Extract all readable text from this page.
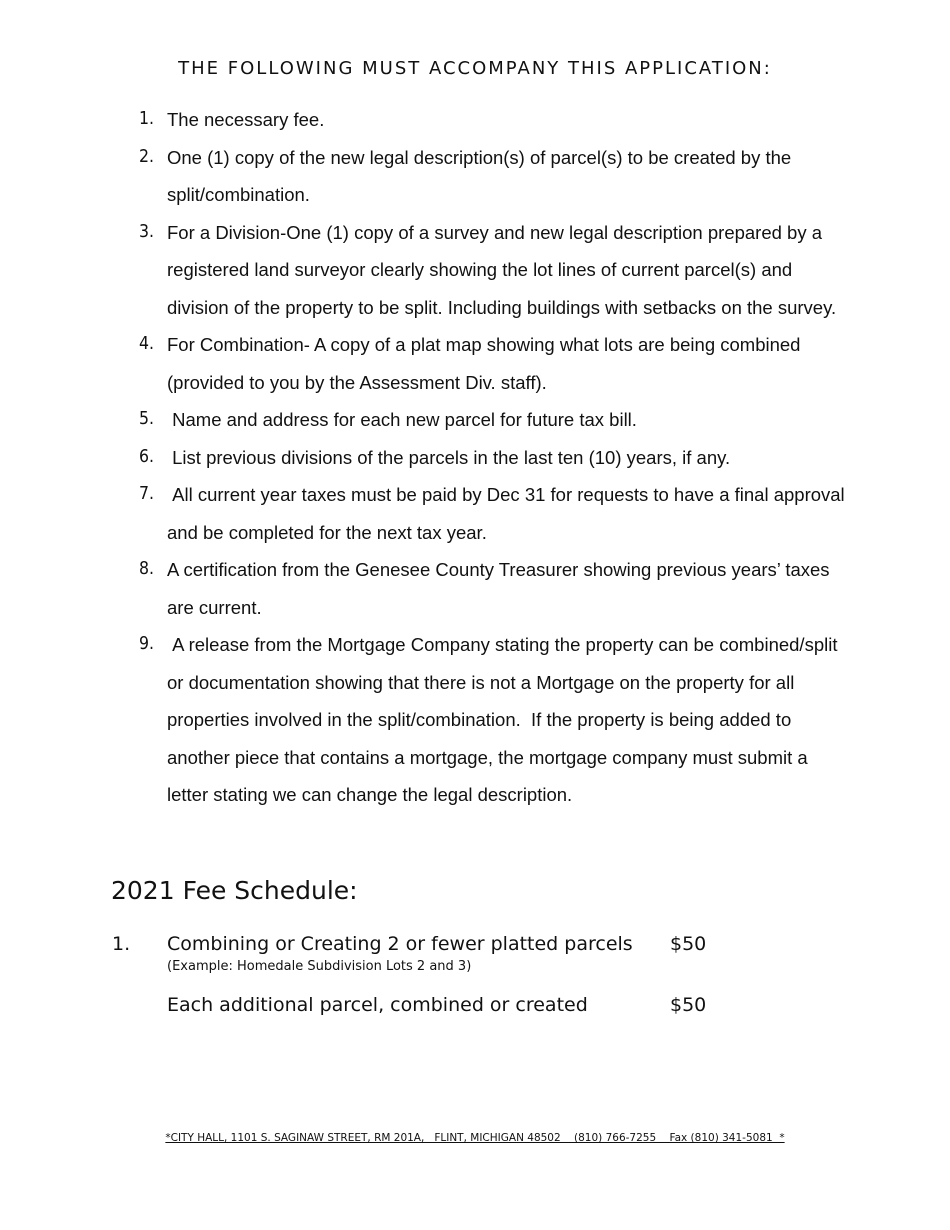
THE FOLLOWING MUST ACCOMPANY THIS APPLICATION:
1. The necessary fee.
2. One (1) copy of the new legal description(s) of parcel(s) to be created by the split/combination.
3. For a Division-One (1) copy of a survey and new legal description prepared by a registered land surveyor clearly showing the lot lines of current parcel(s) and division of the property to be split. Including buildings with setbacks on the survey.
4. For Combination- A copy of a plat map showing what lots are being combined (provided to you by the Assessment Div. staff).
5. Name and address for each new parcel for future tax bill.
6. List previous divisions of the parcels in the last ten (10) years, if any.
7. All current year taxes must be paid by Dec 31 for requests to have a final approval and be completed for the next tax year.
8. A certification from the Genesee County Treasurer showing previous years’ taxes are current.
9. A release from the Mortgage Company stating the property can be combined/split or documentation showing that there is not a Mortgage on the property for all properties involved in the split/combination.  If the property is being added to another piece that contains a mortgage, the mortgage company must submit a letter stating we can change the legal description.
2021 Fee Schedule:
1. Combining or Creating 2 or fewer platted parcels
(Example: Homedale Subdivision Lots 2 and 3)
$50
Each additional parcel, combined or created	$50
*CITY HALL, 1101 S. SAGINAW STREET, RM 201A,   FLINT, MICHIGAN 48502    (810) 766-7255    Fax (810) 341-5081  *
